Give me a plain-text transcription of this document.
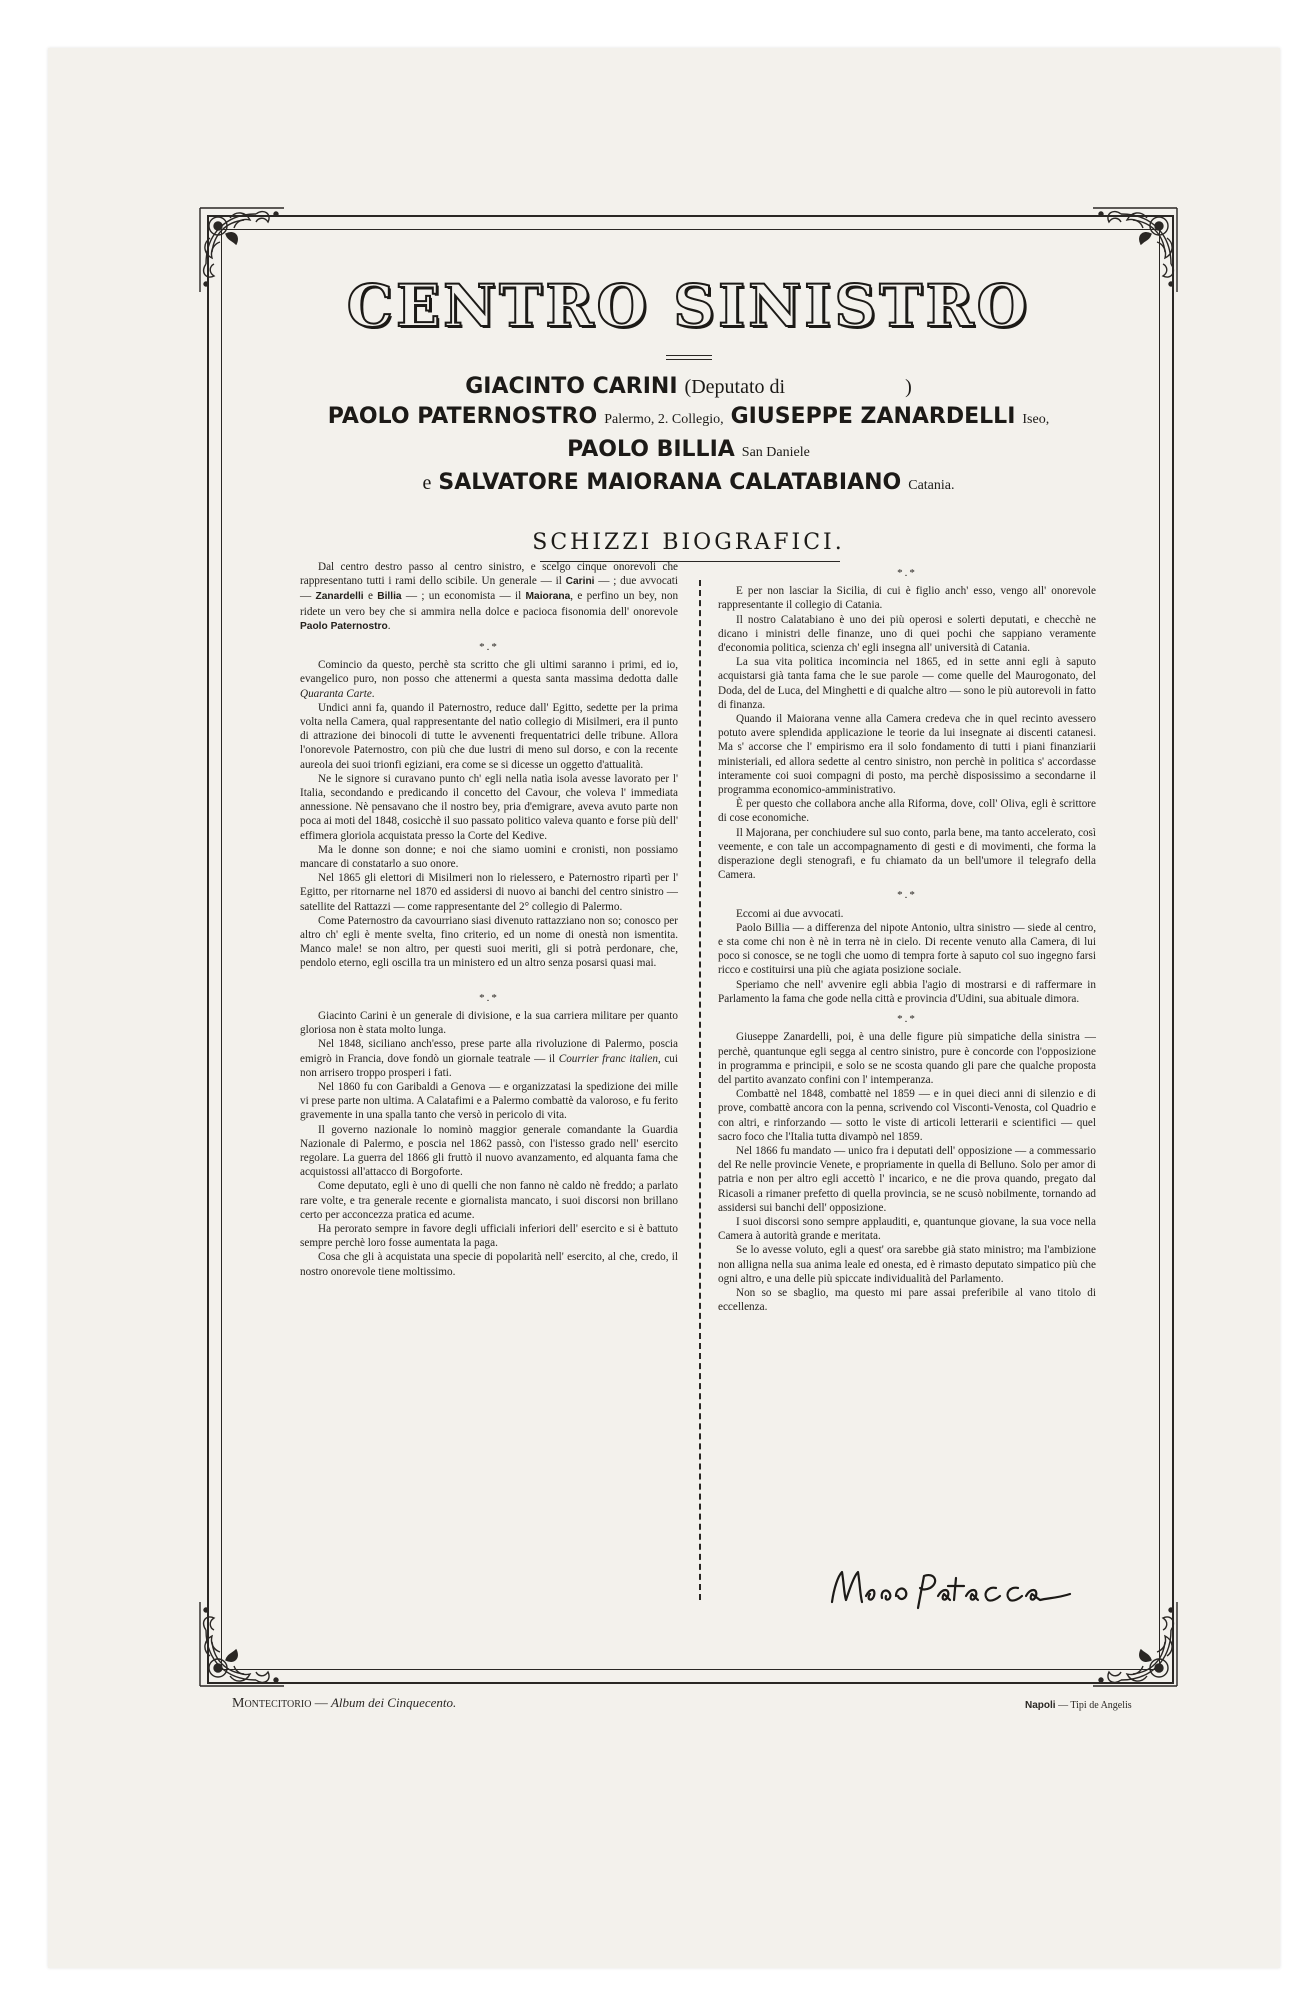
CENTRO SINISTRO
GIACINTO CARINI (Deputato di	)
PAOLO PATERNOSTRO Palermo, 2. Collegio, GIUSEPPE ZANARDELLI Iseo,
PAOLO BILLIA San Daniele
e SALVATORE MAIORANA CALATABIANO Catania.
SCHIZZI BIOGRAFICI.

Dal centro destro passo al centro sinistro, e scelgo cinque onorevoli che rappresentano tutti i rami dello scibile. Un generale — il Carini — ; due avvocati — Zanardelli e Billia — ; un economista — il Maiorana, e perfino un bey, non ridete un vero bey che si ammira nella dolce e pacioca fisonomia dell' onorevole Paolo Paternostro.

*.*

Comincio da questo, perchè sta scritto che gli ultimi saranno i primi, ed io, evangelico puro, non posso che attenermi a questa santa massima dedotta dalle Quaranta Carte.

Undici anni fa, quando il Paternostro, reduce dall' Egitto, sedette per la prima volta nella Camera, qual rappresentante del natìo collegio di Misilmeri, era il punto di attrazione dei binocoli di tutte le avvenenti frequentatrici delle tribune. Allora l'onorevole Paternostro, con più che due lustri di meno sul dorso, e con la recente aureola dei suoi trionfi egiziani, era come se si dicesse un oggetto d'attualità.

Ne le signore si curavano punto ch' egli nella natìa isola avesse lavorato per l' Italia, secondando e predicando il concetto del Cavour, che voleva l' immediata annessione. Nè pensavano che il nostro bey, pria d'emigrare, aveva avuto parte non poca ai moti del 1848, cosicchè il suo passato politico valeva quanto e forse più dell' effimera gloriola acquistata presso la Corte del Kedive.

Ma le donne son donne; e noi che siamo uomini e cronisti, non possiamo mancare di constatarlo a suo onore.

Nel 1865 gli elettori di Misilmeri non lo rielessero, e Paternostro ripartì per l' Egitto, per ritornarne nel 1870 ed assidersi di nuovo ai banchi del centro sinistro — satellite del Rattazzi — come rappresentante del 2° collegio di Palermo.

Come Paternostro da cavourriano siasi divenuto rattazziano non so; conosco per altro ch' egli è mente svelta, fino criterio, ed un nome di onestà non ismentita. Manco male! se non altro, per questi suoi meriti, gli si potrà perdonare, che, pendolo eterno, egli oscilla tra un ministero ed un altro senza posarsi quasi mai.

*.*

Giacinto Carini è un generale di divisione, e la sua carriera militare per quanto gloriosa non è stata molto lunga.

Nel 1848, siciliano anch'esso, prese parte alla rivoluzione di Palermo, poscia emigrò in Francia, dove fondò un giornale teatrale — il Courrier franc italien, cui non arrisero troppo prosperi i fati.

Nel 1860 fu con Garibaldi a Genova — e organizzatasi la spedizione dei mille vi prese parte non ultima. A Calatafimi e a Palermo combattè da valoroso, e fu ferito gravemente in una spalla tanto che versò in pericolo di vita.

Il governo nazionale lo nominò maggior generale comandante la Guardia Nazionale di Palermo, e poscia nel 1862 passò, con l'istesso grado nell' esercito regolare. La guerra del 1866 gli fruttò il nuovo avanzamento, ed alquanta fama che acquistossi all'attacco di Borgoforte.

Come deputato, egli è uno di quelli che non fanno nè caldo nè freddo; a parlato rare volte, e tra generale recente e giornalista mancato, i suoi discorsi non brillano certo per acconcezza pratica ed acume.

Ha perorato sempre in favore degli ufficiali inferiori dell' esercito e si è battuto sempre perchè loro fosse aumentata la paga.

Cosa che gli à acquistata una specie di popolarità nell' esercito, al che, credo, il nostro onorevole tiene moltissimo.

*.*

E per non lasciar la Sicilia, di cui è figlio anch' esso, vengo all' onorevole rappresentante il collegio di Catania.

Il nostro Calatabiano è uno dei più operosi e solerti deputati, e checchè ne dicano i ministri delle finanze, uno di quei pochi che sappiano veramente d'economia politica, scienza ch' egli insegna all' università di Catania.

La sua vita politica incomincia nel 1865, ed in sette anni egli à saputo acquistarsi già tanta fama che le sue parole — come quelle del Maurogonato, del Doda, del de Luca, del Minghetti e di qualche altro — sono le più autorevoli in fatto di finanza.

Quando il Maiorana venne alla Camera credeva che in quel recinto avessero potuto avere splendida applicazione le teorie da lui insegnate ai discenti catanesi. Ma s' accorse che l' empirismo era il solo fondamento di tutti i piani finanziarii ministeriali, ed allora sedette al centro sinistro, non perchè in politica s' accordasse interamente coi suoi compagni di posto, ma perchè disposissimo a secondarne il programma economico-amministrativo.

È per questo che collabora anche alla Riforma, dove, coll' Oliva, egli è scrittore di cose economiche.

Il Majorana, per conchiudere sul suo conto, parla bene, ma tanto accelerato, così veemente, e con tale un accompagnamento di gesti e di movimenti, che forma la disperazione degli stenografi, e fu chiamato da un bell'umore il telegrafo della Camera.

*.*

Eccomi ai due avvocati.

Paolo Billia — a differenza del nipote Antonio, ultra sinistro — siede al centro, e sta come chi non è nè in terra nè in cielo. Di recente venuto alla Camera, di lui poco si conosce, se ne togli che uomo di tempra forte à saputo col suo ingegno farsi ricco e costituirsi una più che agiata posizione sociale.

Speriamo che nell' avvenire egli abbia l'agio di mostrarsi e di raffermare in Parlamento la fama che gode nella città e provincia d'Udini, sua abituale dimora.

*.*

Giuseppe Zanardelli, poi, è una delle figure più simpatiche della sinistra — perchè, quantunque egli segga al centro sinistro, pure è concorde con l'opposizione in programma e principii, e solo se ne scosta quando gli pare che qualche proposta del partito avanzato confini con l' intemperanza.

Combattè nel 1848, combattè nel 1859 — e in quei dieci anni di silenzio e di prove, combattè ancora con la penna, scrivendo col Visconti-Venosta, col Quadrio e con altri, e rinforzando — sotto le viste di articoli letterarii e scientifici — quel sacro foco che l'Italia tutta divampò nel 1859.

Nel 1866 fu mandato — unico fra i deputati dell' opposizione — a commessario del Re nelle provincie Venete, e propriamente in quella di Belluno. Solo per amor di patria e non per altro egli accettò l' incarico, e ne die prova quando, pregato dal Ricasoli a rimaner prefetto di quella provincia, se ne scusò nobilmente, tornando ad assidersi sui banchi dell' opposizione.

I suoi discorsi sono sempre applauditi, e, quantunque giovane, la sua voce nella Camera à autorità grande e meritata.

Se lo avesse voluto, egli a quest' ora sarebbe già stato ministro; ma l'ambizione non alligna nella sua anima leale ed onesta, ed è rimasto deputato simpatico più che ogni altro, e una delle più spiccate individualità del Parlamento.

Non so se sbaglio, ma questo mi pare assai preferibile al vano titolo di eccellenza.

Montecitorio — Album dei Cinquecento.	Napoli — Tipi de Angelis
